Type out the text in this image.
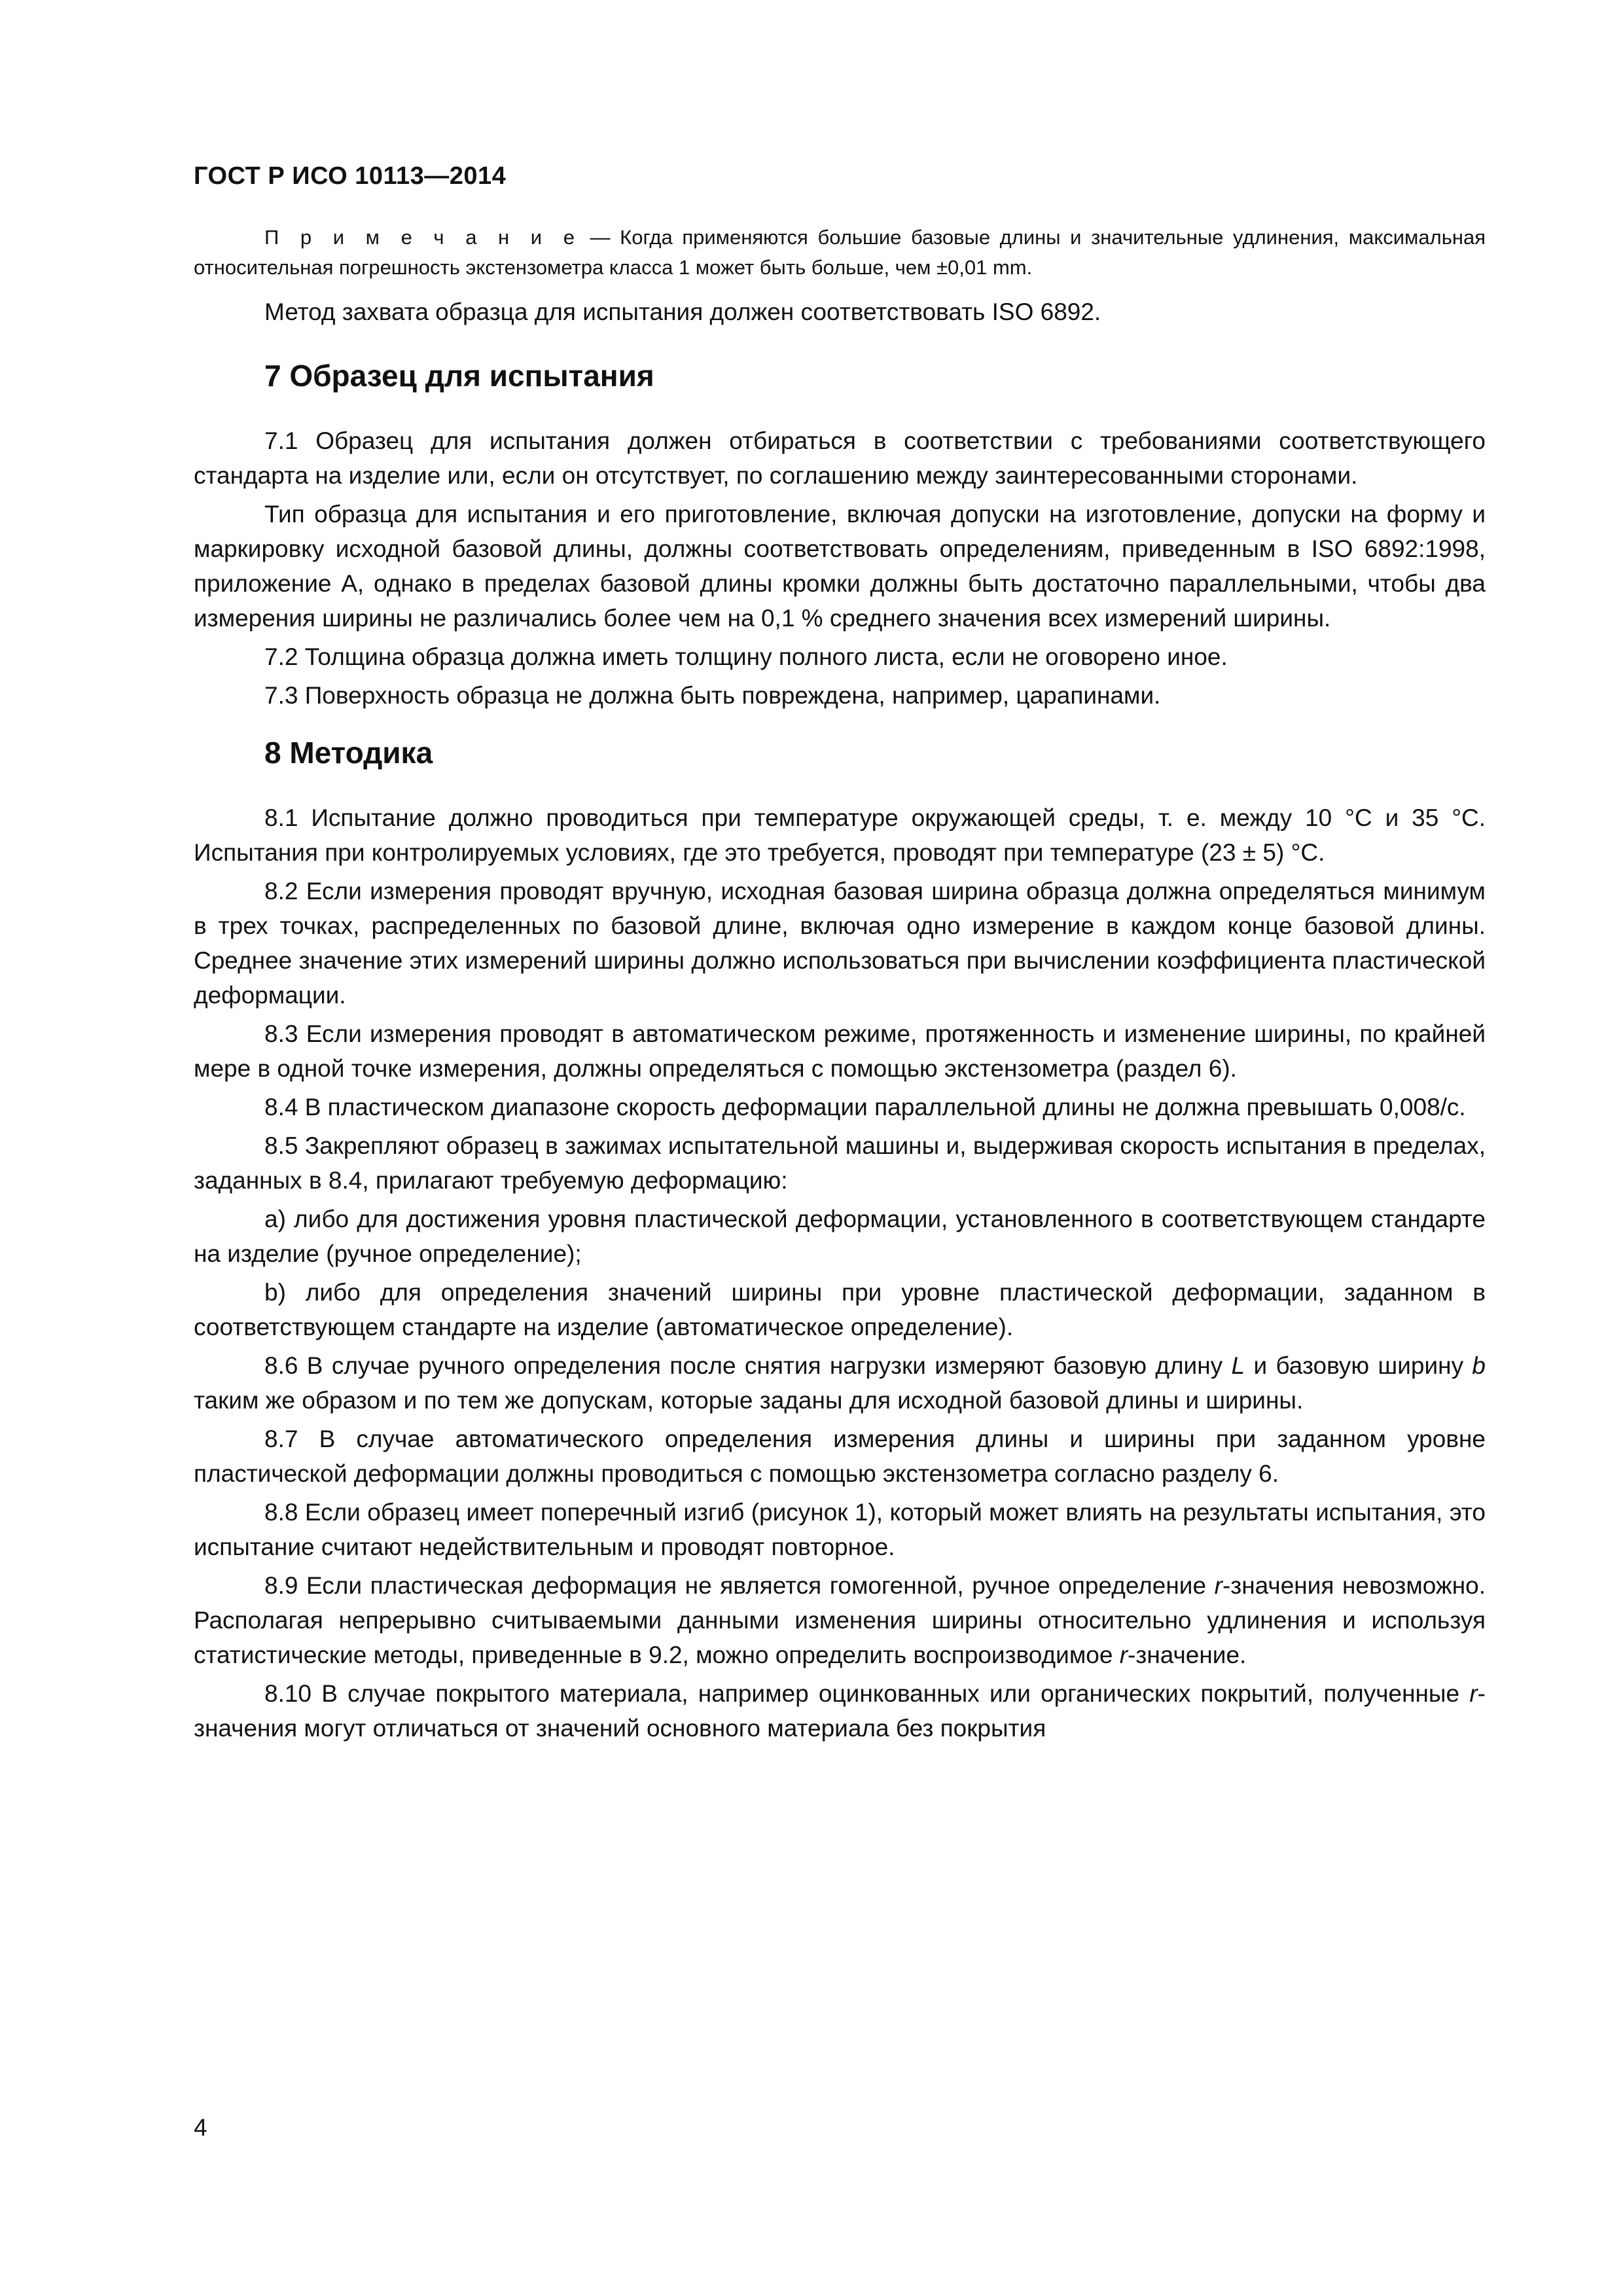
ГОСТ Р ИСО 10113—2014

П р и м е ч а н и е — Когда применяются большие базовые длины и значительные удлинения, максимальная относительная погрешность экстензометра класса 1 может быть больше, чем ±0,01 mm.

Метод захвата образца для испытания должен соответствовать ISO 6892.

7 Образец для испытания

7.1 Образец для испытания должен отбираться в соответствии с требованиями соответствующего стандарта на изделие или, если он отсутствует, по соглашению между заинтересованными сторонами.

Тип образца для испытания и его приготовление, включая допуски на изготовление, допуски на форму и маркировку исходной базовой длины, должны соответствовать определениям, приведенным в ISO 6892:1998, приложение А, однако в пределах базовой длины кромки должны быть достаточно параллельными, чтобы два измерения ширины не различались более чем на 0,1 % среднего значения всех измерений ширины.

7.2 Толщина образца должна иметь толщину полного листа, если не оговорено иное.

7.3 Поверхность образца не должна быть повреждена, например, царапинами.

8 Методика

8.1 Испытание должно проводиться при температуре окружающей среды, т. е. между 10 °С и 35 °С. Испытания при контролируемых условиях, где это требуется, проводят при температуре (23 ± 5) °С.

8.2 Если измерения проводят вручную, исходная базовая ширина образца должна определяться минимум в трех точках, распределенных по базовой длине, включая одно измерение в каждом конце базовой длины. Среднее значение этих измерений ширины должно использоваться при вычислении коэффициента пластической деформации.

8.3 Если измерения проводят в автоматическом режиме, протяженность и изменение ширины, по крайней мере в одной точке измерения, должны определяться с помощью экстензометра (раздел 6).

8.4 В пластическом диапазоне скорость деформации параллельной длины не должна превышать 0,008/с.

8.5 Закрепляют образец в зажимах испытательной машины и, выдерживая скорость испытания в пределах, заданных в 8.4, прилагают требуемую деформацию:

а) либо для достижения уровня пластической деформации, установленного в соответствующем стандарте на изделие (ручное определение);

b) либо для определения значений ширины при уровне пластической деформации, заданном в соответствующем стандарте на изделие (автоматическое определение).

8.6 В случае ручного определения после снятия нагрузки измеряют базовую длину L и базовую ширину b таким же образом и по тем же допускам, которые заданы для исходной базовой длины и ширины.

8.7 В случае автоматического определения измерения длины и ширины при заданном уровне пластической деформации должны проводиться с помощью экстензометра согласно разделу 6.

8.8 Если образец имеет поперечный изгиб (рисунок 1), который может влиять на результаты испытания, это испытание считают недействительным и проводят повторное.

8.9 Если пластическая деформация не является гомогенной, ручное определение r-значения невозможно. Располагая непрерывно считываемыми данными изменения ширины относительно удлинения и используя статистические методы, приведенные в 9.2, можно определить воспроизводимое r-значение.

8.10 В случае покрытого материала, например оцинкованных или органических покрытий, полученные r-значения могут отличаться от значений основного материала без покрытия

4
